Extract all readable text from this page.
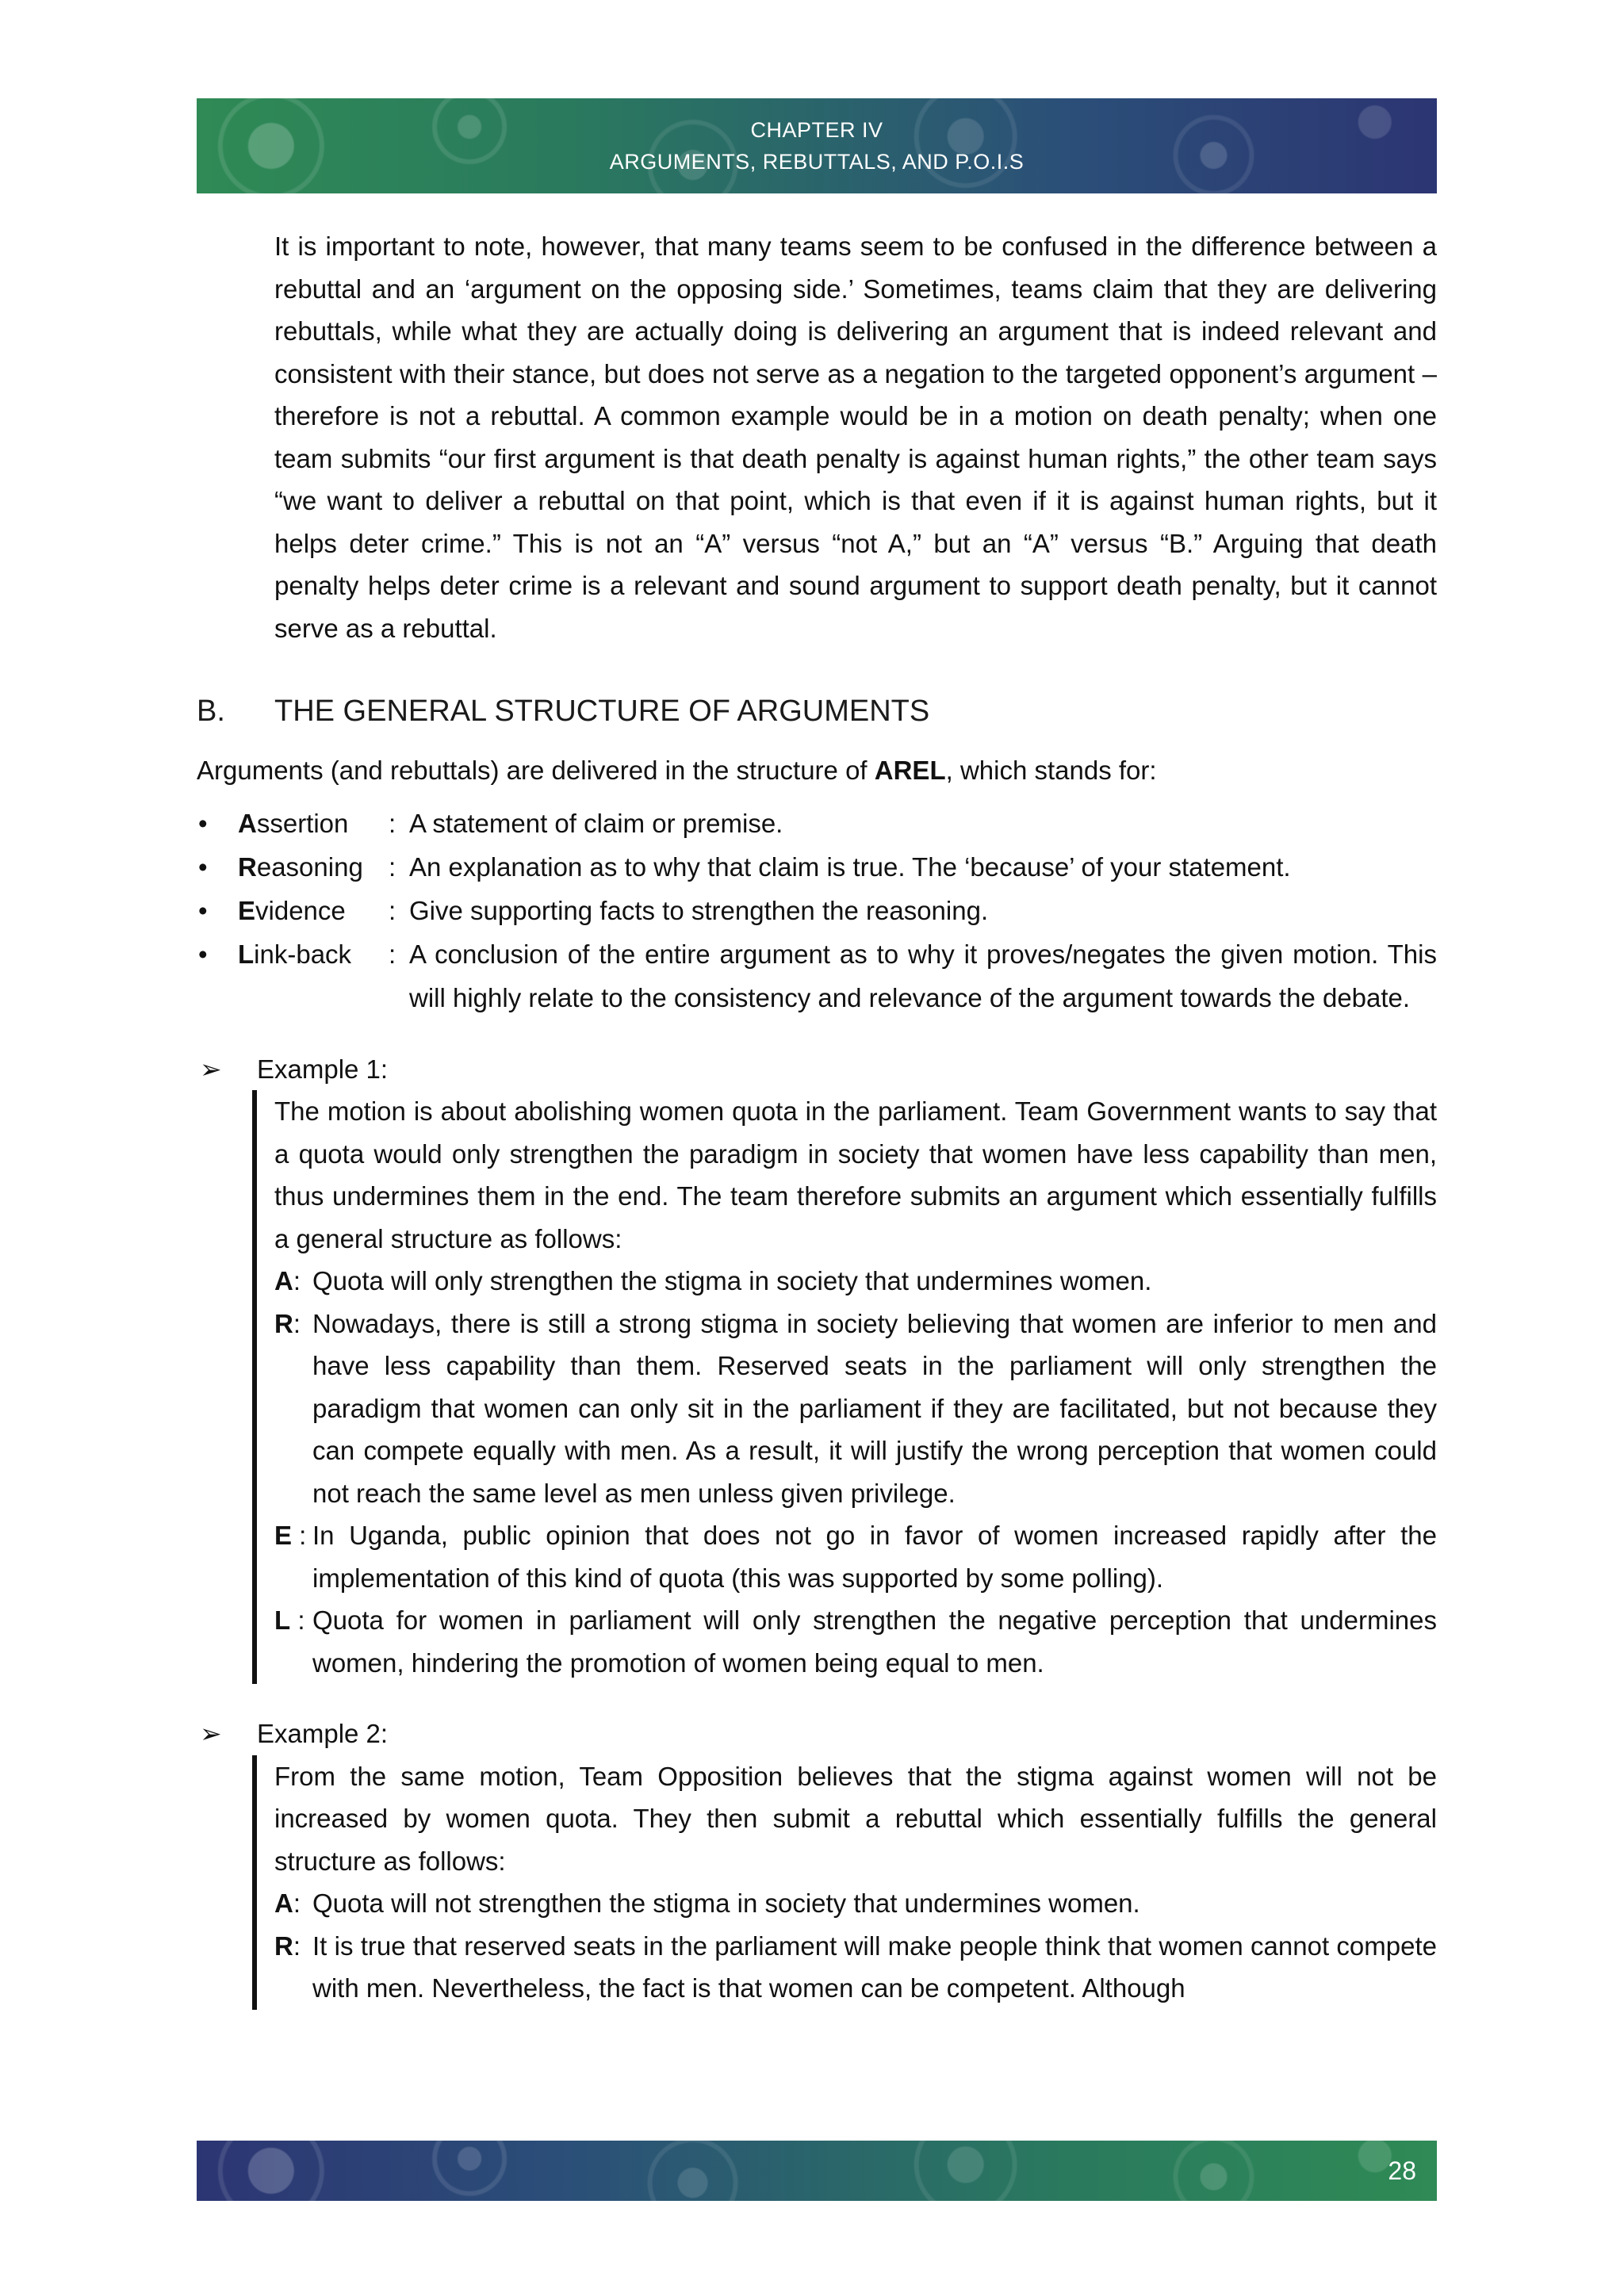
CHAPTER IV
ARGUMENTS, REBUTTALS, AND P.O.I.S

It is important to note, however, that many teams seem to be confused in the difference between a rebuttal and an ‘argument on the opposing side.’ Sometimes, teams claim that they are delivering rebuttals, while what they are actually doing is delivering an argument that is indeed relevant and consistent with their stance, but does not serve as a negation to the targeted opponent’s argument –therefore is not a rebuttal. A common example would be in a motion on death penalty; when one team submits “our first argument is that death penalty is against human rights,” the other team says “we want to deliver a rebuttal on that point, which is that even if it is against human rights, but it helps deter crime.” This is not an “A” versus “not A,” but an “A” versus “B.” Arguing that death penalty helps deter crime is a relevant and sound argument to support death penalty, but it cannot serve as a rebuttal.

B.	THE GENERAL STRUCTURE OF ARGUMENTS

Arguments (and rebuttals) are delivered in the structure of AREL, which stands for:

•	Assertion	: A statement of claim or premise.
•	Reasoning : An explanation as to why that claim is true. The ‘because’ of your statement.
•	Evidence	: Give supporting facts to strengthen the reasoning.
•	Link-back	: A conclusion of the entire argument as to why it proves/negates the given motion. This will highly relate to the consistency and relevance of the argument towards the debate.
➢	Example 1:

The motion is about abolishing women quota in the parliament. Team Government wants to say that a quota would only strengthen the paradigm in society that women have less capability than men, thus undermines them in the end. The team therefore submits an argument which essentially fulfills a general structure as follows:

A: Quota will only strengthen the stigma in society that undermines women.
R: Nowadays, there is still a strong stigma in society believing that women are inferior to men and have less capability than them. Reserved seats in the parliament will only strengthen the paradigm that women can only sit in the parliament if they are facilitated, but not because they can compete equally with men. As a result, it will justify the wrong perception that women could not reach the same level as men unless given privilege.
E : In Uganda, public opinion that does not go in favor of women increased rapidly after the implementation of this kind of quota (this was supported by some polling).
L : Quota for women in parliament will only strengthen the negative perception that undermines women, hindering the promotion of women being equal to men.
➢	Example 2:

From the same motion, Team Opposition believes that the stigma against women will not be increased by women quota. They then submit a rebuttal which essentially fulfills the general structure as follows:

A: Quota will not strengthen the stigma in society that undermines women.
R: It is true that reserved seats in the parliament will make people think that women cannot compete with men. Nevertheless, the fact is that women can be competent. Although
28
